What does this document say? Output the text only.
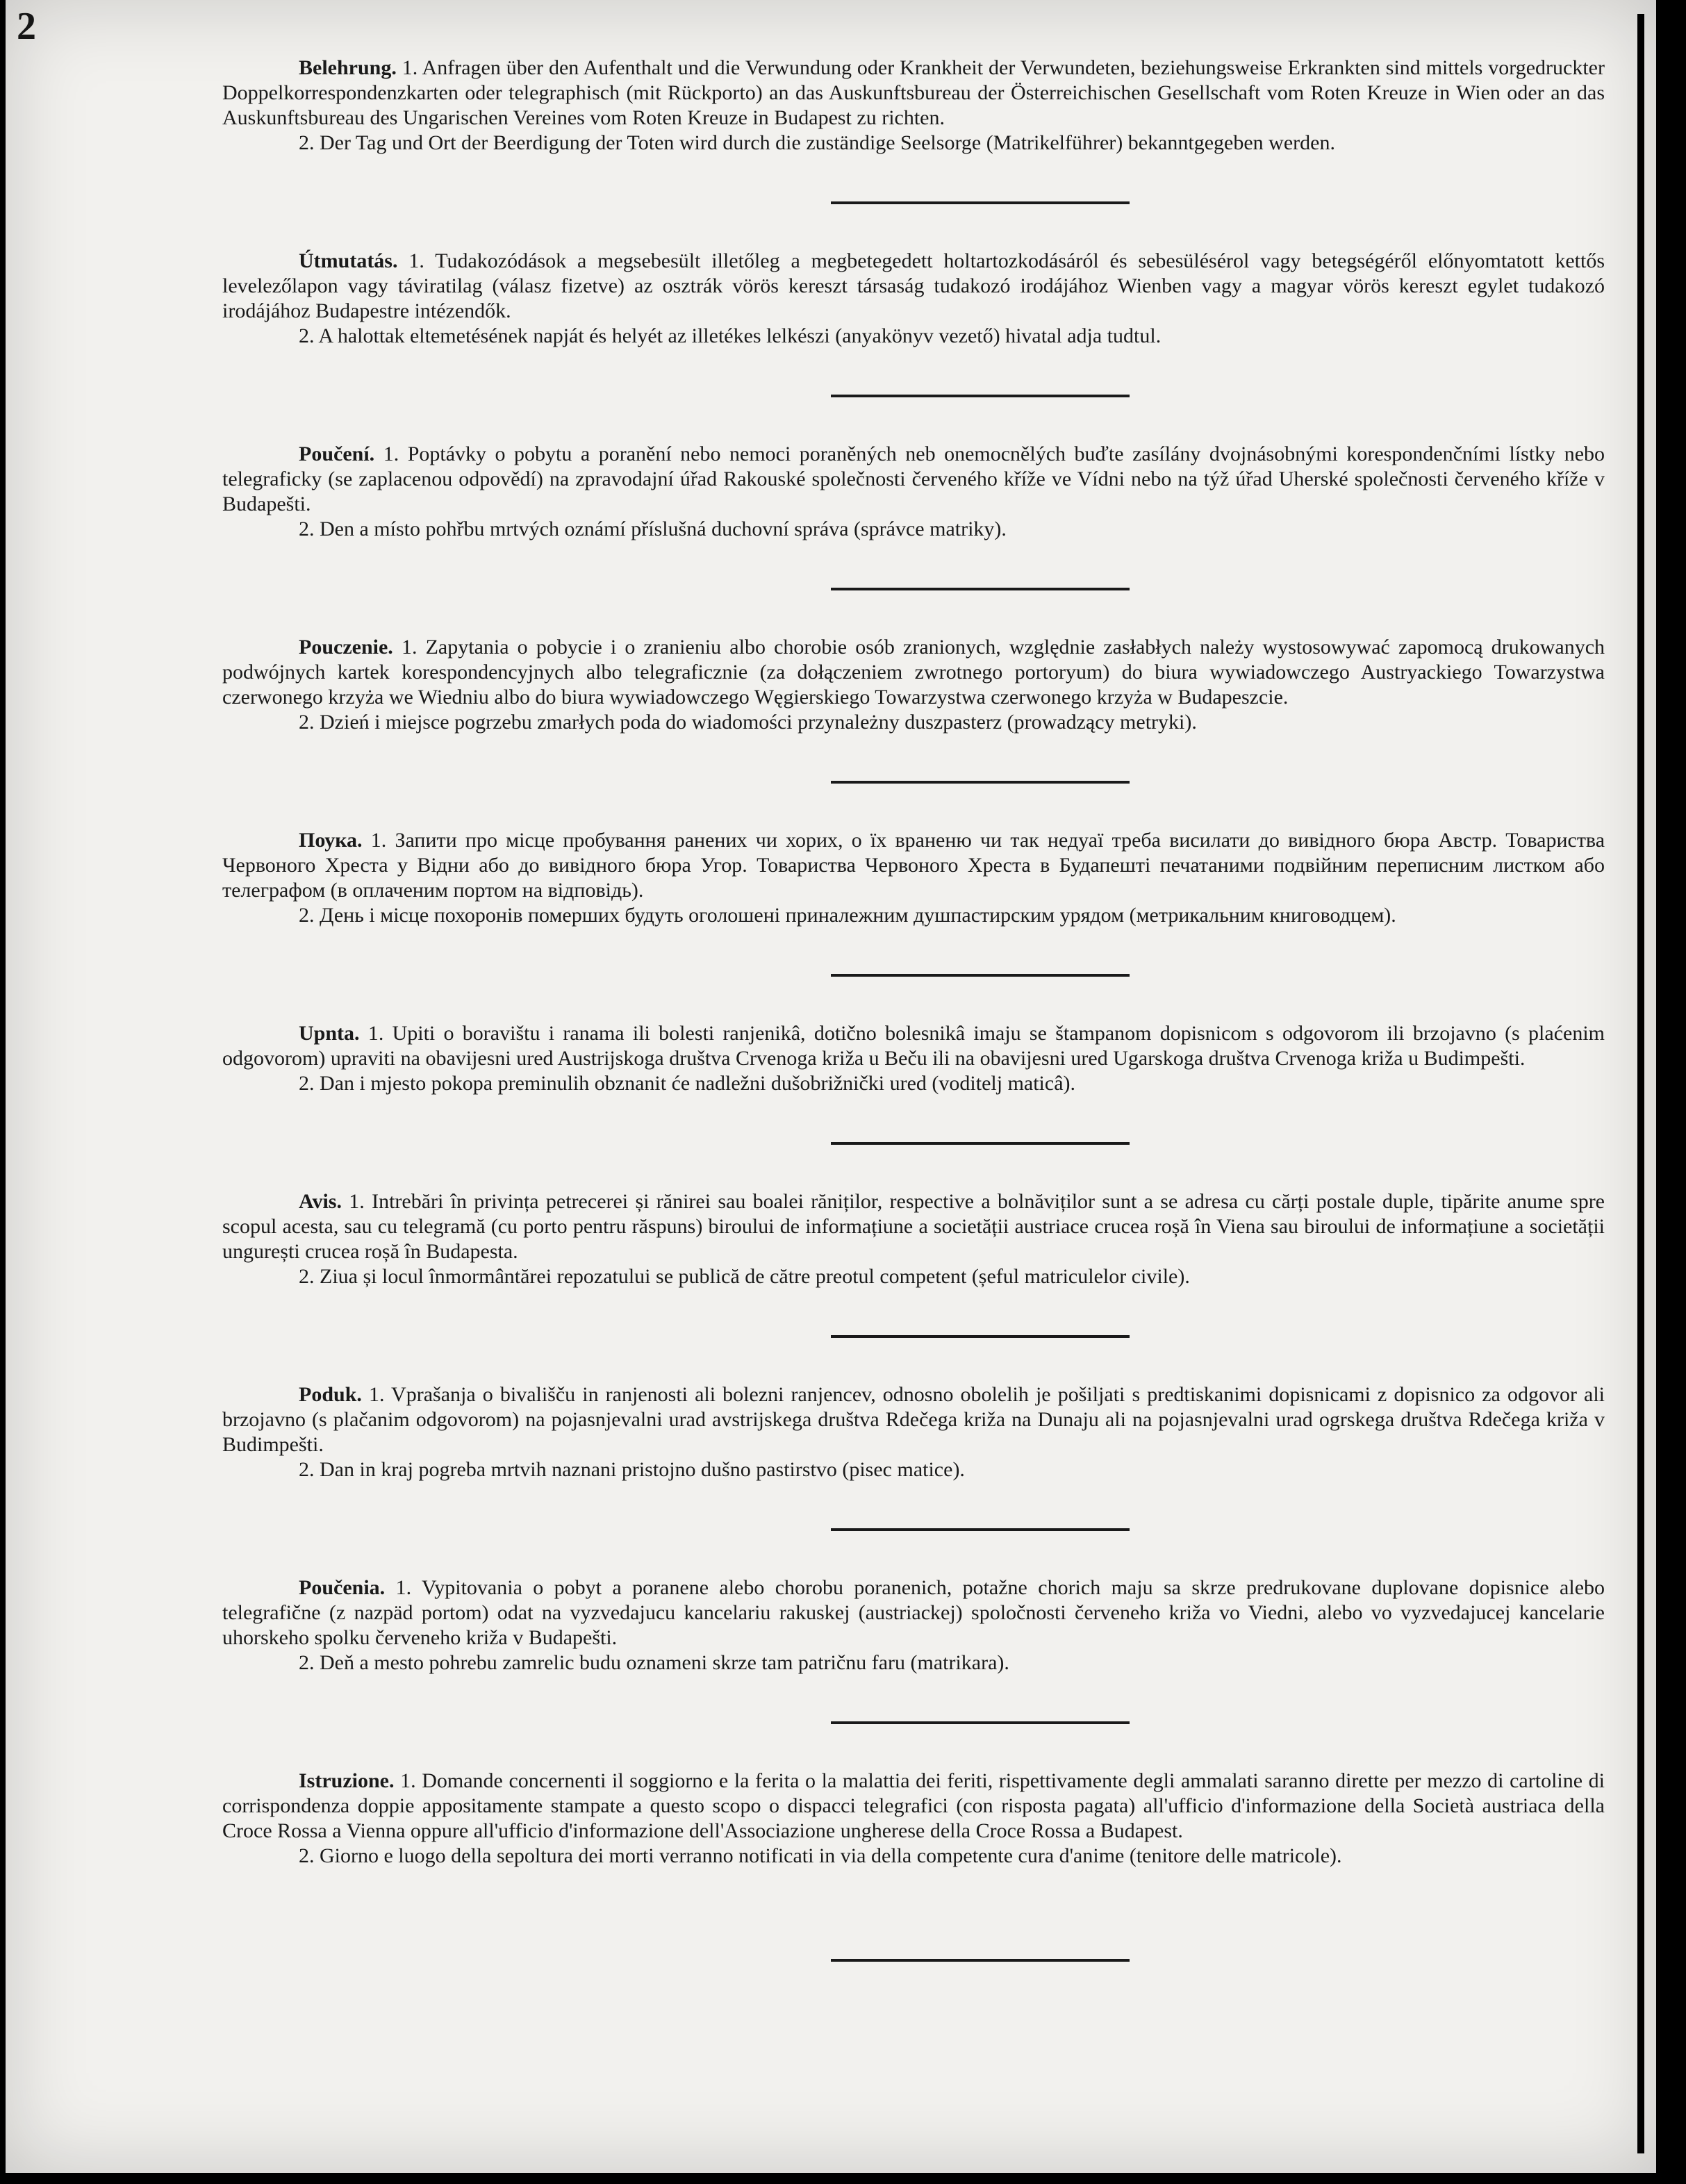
2

Belehrung. 1. Anfragen über den Aufenthalt und die Verwundung oder Krankheit der Verwundeten, beziehungsweise Erkrankten sind mittels vorgedruckter Doppelkorrespondenzkarten oder telegraphisch (mit Rückporto) an das Auskunftsbureau der Österreichischen Gesellschaft vom Roten Kreuze in Wien oder an das Auskunftsbureau des Ungarischen Vereines vom Roten Kreuze in Budapest zu richten.

2. Der Tag und Ort der Beerdigung der Toten wird durch die zuständige Seelsorge (Matrikelführer) bekanntgegeben werden.

Útmutatás. 1. Tudakozódások a megsebesült illetőleg a megbetegedett holtartozkodásáról és sebesülésérol vagy betegségéről előnyomtatott kettős levelezőlapon vagy táviratilag (válasz fizetve) az osztrák vörös kereszt társaság tudakozó irodájához Wienben vagy a magyar vörös kereszt egylet tudakozó irodájához Budapestre intézendők.

2. A halottak eltemetésének napját és helyét az illetékes lelkészi (anyakönyv vezető) hivatal adja tudtul.

Poučení. 1. Poptávky o pobytu a poranění nebo nemoci poraněných neb onemocnělých buďte zasílány dvojnásobnými korespondenčními lístky nebo telegraficky (se zaplacenou odpovědí) na zpravodajní úřad Rakouské společnosti červeného kříže ve Vídni nebo na týž úřad Uherské společnosti červeného kříže v Budapešti.

2. Den a místo pohřbu mrtvých oznámí příslušná duchovní správa (správce matriky).

Pouczenie. 1. Zapytania o pobycie i o zranieniu albo chorobie osób zranionych, względnie zasłabłych należy wystosowywać zapomocą drukowanych podwójnych kartek korespondencyjnych albo telegraficznie (za dołączeniem zwrotnego portoryum) do biura wywiadowczego Austryackiego Towarzystwa czerwonego krzyża we Wiedniu albo do biura wywiadowczego Węgierskiego Towarzystwa czerwonego krzyża w Budapeszcie.

2. Dzień i miejsce pogrzebu zmarłych poda do wiadomości przynależny duszpasterz (prowadzący metryki).

Поука. 1. Запити про місце пробування ранених чи хорих, о їх враненю чи так недуаї треба висилати до вивідного бюра Австр. Товариства Червоного Хреста у Відни або до вивідного бюра Угор. Товариства Червоного Хреста в Будапешті печатаними подвійним переписним листком або телеграфом (в оплаченим портом на відповідь).

2. День і місце похоронів померших будуть оголошені приналежним душпастирским урядом (метрикальним книговодцем).

Upnta. 1. Upiti o boravištu i ranama ili bolesti ranjenikâ, dotično bolesnikâ imaju se štampanom dopisnicom s odgovorom ili brzojavno (s plaćenim odgovorom) upraviti na obavijesni ured Austrijskoga društva Crvenoga križa u Beču ili na obavijesni ured Ugarskoga društva Crvenoga križa u Budimpešti.

2. Dan i mjesto pokopa preminulih obznanit će nadležni dušobrižnički ured (voditelj maticâ).

Avis. 1. Intrebări în privința petrecerei și rănirei sau boalei răniților, respective a bolnăviților sunt a se adresa cu cărți postale duple, tipărite anume spre scopul acesta, sau cu telegramă (cu porto pentru răspuns) biroului de informațiune a societății austriace crucea roșă în Viena sau biroului de informațiune a societății ungurești crucea roșă în Budapesta.

2. Ziua și locul înmormântărei repozatului se publică de către preotul competent (șeful matriculelor civile).

Poduk. 1. Vprašanja o bivališču in ranjenosti ali bolezni ranjencev, odnosno obolelih je pošiljati s predtiskanimi dopisnicami z dopisnico za odgovor ali brzojavno (s plačanim odgovorom) na pojasnjevalni urad avstrijskega društva Rdečega križa na Dunaju ali na pojasnjevalni urad ogrskega društva Rdečega križa v Budimpešti.

2. Dan in kraj pogreba mrtvih naznani pristojno dušno pastirstvo (pisec matice).

Poučenia. 1. Vypitovania o pobyt a poranene alebo chorobu poranenich, potažne chorich maju sa skrze predrukovane duplovane dopisnice alebo telegrafične (z nazpäd portom) odat na vyzvedajucu kancelariu rakuskej (austriackej) spoločnosti červeneho križa vo Viedni, alebo vo vyzvedajucej kancelarie uhorskeho spolku červeneho križa v Budapešti.

2. Deň a mesto pohrebu zamrelic budu oznameni skrze tam patričnu faru (matrikara).

Istruzione. 1. Domande concernenti il soggiorno e la ferita o la malattia dei feriti, rispettivamente degli ammalati saranno dirette per mezzo di cartoline di corrispondenza doppie appositamente stampate a questo scopo o dispacci telegrafici (con risposta pagata) all'ufficio d'informazione della Società austriaca della Croce Rossa a Vienna oppure all'ufficio d'informazione dell'Associazione ungherese della Croce Rossa a Budapest.

2. Giorno e luogo della sepoltura dei morti verranno notificati in via della competente cura d'anime (tenitore delle matricole).
